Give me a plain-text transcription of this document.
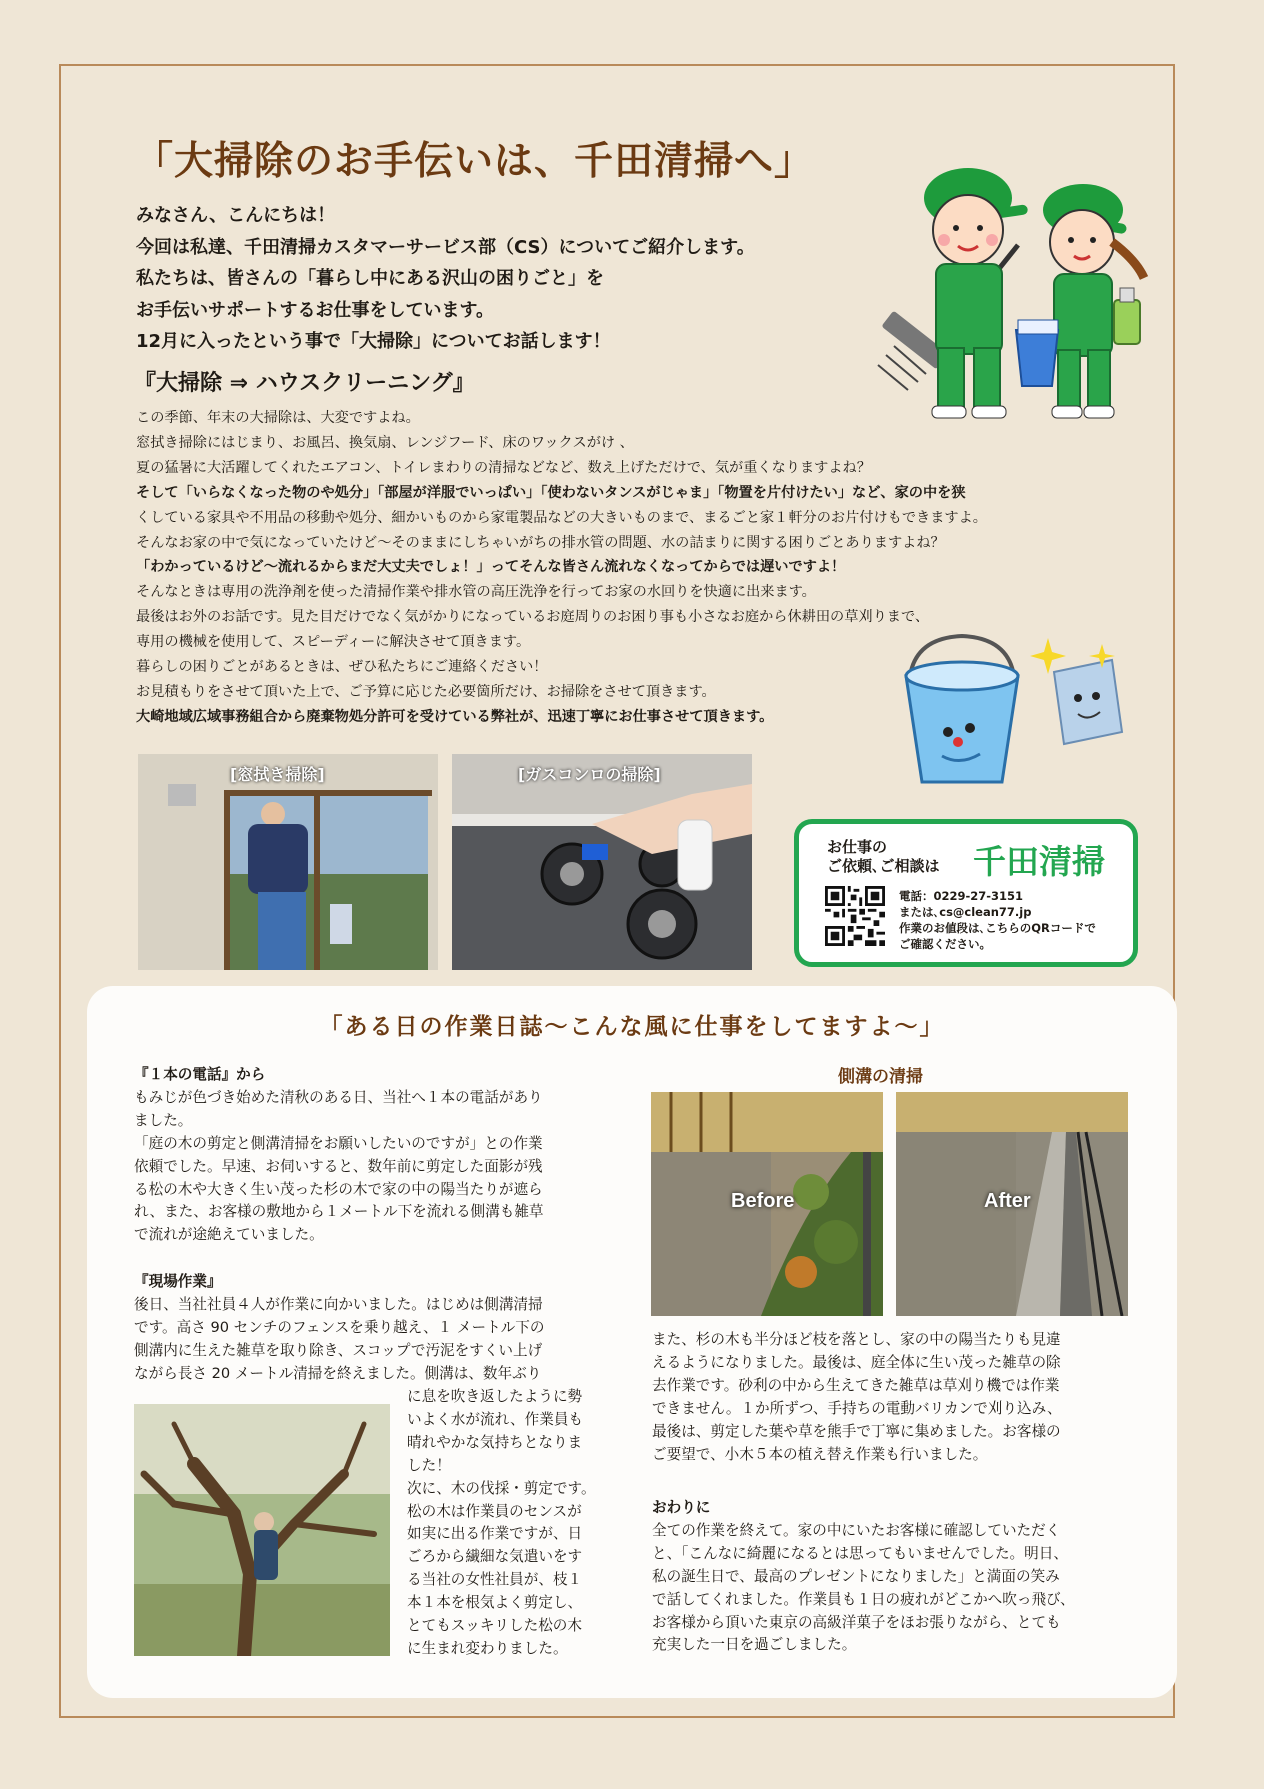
「大掃除のお手伝いは、千田清掃へ」
みなさん、こんにちは！
今回は私達、千田清掃カスタマーサービス部（CS）についてご紹介します。
私たちは、皆さんの「暮らし中にある沢山の困りごと」を
お手伝いサポートするお仕事をしています。
12月に入ったという事で「大掃除」についてお話します！
『大掃除 ⇒ ハウスクリーニング』
この季節、年末の大掃除は、大変ですよね。
窓拭き掃除にはじまり、お風呂、換気扇、レンジフード、床のワックスがけ 、
夏の猛暑に大活躍してくれたエアコン、トイレまわりの清掃などなど、数え上げただけで、気が重くなりますよね？
そして「いらなくなった物のや処分」「部屋が洋服でいっぱい」「使わないタンスがじゃま」「物置を片付けたい」など、家の中を狭
くしている家具や不用品の移動や処分、細かいものから家電製品などの大きいものまで、まるごと家１軒分のお片付けもできますよ。
そんなお家の中で気になっていたけど〜そのままにしちゃいがちの排水管の問題、水の詰まりに関する困りごとありますよね？
「わかっているけど〜流れるからまだ大丈夫でしょ！」ってそんな皆さん流れなくなってからでは遅いですよ！
そんなときは専用の洗浄剤を使った清掃作業や排水管の高圧洗浄を行ってお家の水回りを快適に出来ます。
最後はお外のお話です。見た目だけでなく気がかりになっているお庭周りのお困り事も小さなお庭から休耕田の草刈りまで、
専用の機械を使用して、スピーディーに解決させて頂きます。
暮らしの困りごとがあるときは、ぜひ私たちにご連絡ください！
お見積もりをさせて頂いた上で、ご予算に応じた必要箇所だけ、お掃除をさせて頂きます。
大崎地域広域事務組合から廃棄物処分許可を受けている弊社が、迅速丁寧にお仕事させて頂きます。
[窓拭き掃除]	[ガスコンロの掃除]
お仕事の
ご依頼､ご相談は 千田清掃
電話：0229-27-3151
または､cs@clean77.jp
作業のお値段は､こちらのQRコードで
ご確認ください｡
「ある日の作業日誌〜こんな風に仕事をしてますよ〜」
『１本の電話』から
もみじが色づき始めた清秋のある日、当社へ１本の電話があり
ました。
「庭の木の剪定と側溝清掃をお願いしたいのですが」との作業
依頼でした。早速、お伺いすると、数年前に剪定した面影が残
る松の木や大きく生い茂った杉の木で家の中の陽当たりが遮ら
れ、また、お客様の敷地から１メートル下を流れる側溝も雑草
で流れが途絶えていました。
『現場作業』
後日、当社社員４人が作業に向かいました。はじめは側溝清掃
です。高さ 90 センチのフェンスを乗り越え、１ メートル下の
側溝内に生えた雑草を取り除き、スコップで汚泥をすくい上げ
ながら長さ 20 メートル清掃を終えました。側溝は、数年ぶり
に息を吹き返したように勢
いよく水が流れ、作業員も
晴れやかな気持ちとなりま
した！
次に、木の伐採・剪定です。
松の木は作業員のセンスが
如実に出る作業ですが、日
ごろから繊細な気遣いをす
る当社の女性社員が、枝１
本１本を根気よく剪定し、
とてもスッキリした松の木
に生まれ変わりました。
側溝の清掃
Before	After
また、杉の木も半分ほど枝を落とし、家の中の陽当たりも見違
えるようになりました。最後は、庭全体に生い茂った雑草の除
去作業です。砂利の中から生えてきた雑草は草刈り機では作業
できません。１か所ずつ、手持ちの電動バリカンで刈り込み、
最後は、剪定した葉や草を熊手で丁寧に集めました。お客様の
ご要望で、小木５本の植え替え作業も行いました。
おわりに
全ての作業を終えて。家の中にいたお客様に確認していただく
と、「こんなに綺麗になるとは思ってもいませんでした。明日、
私の誕生日で、最高のプレゼントになりました」と満面の笑み
で話してくれました。作業員も１日の疲れがどこかへ吹っ飛び、
お客様から頂いた東京の高級洋菓子をほお張りながら、とても
充実した一日を過ごしました。
